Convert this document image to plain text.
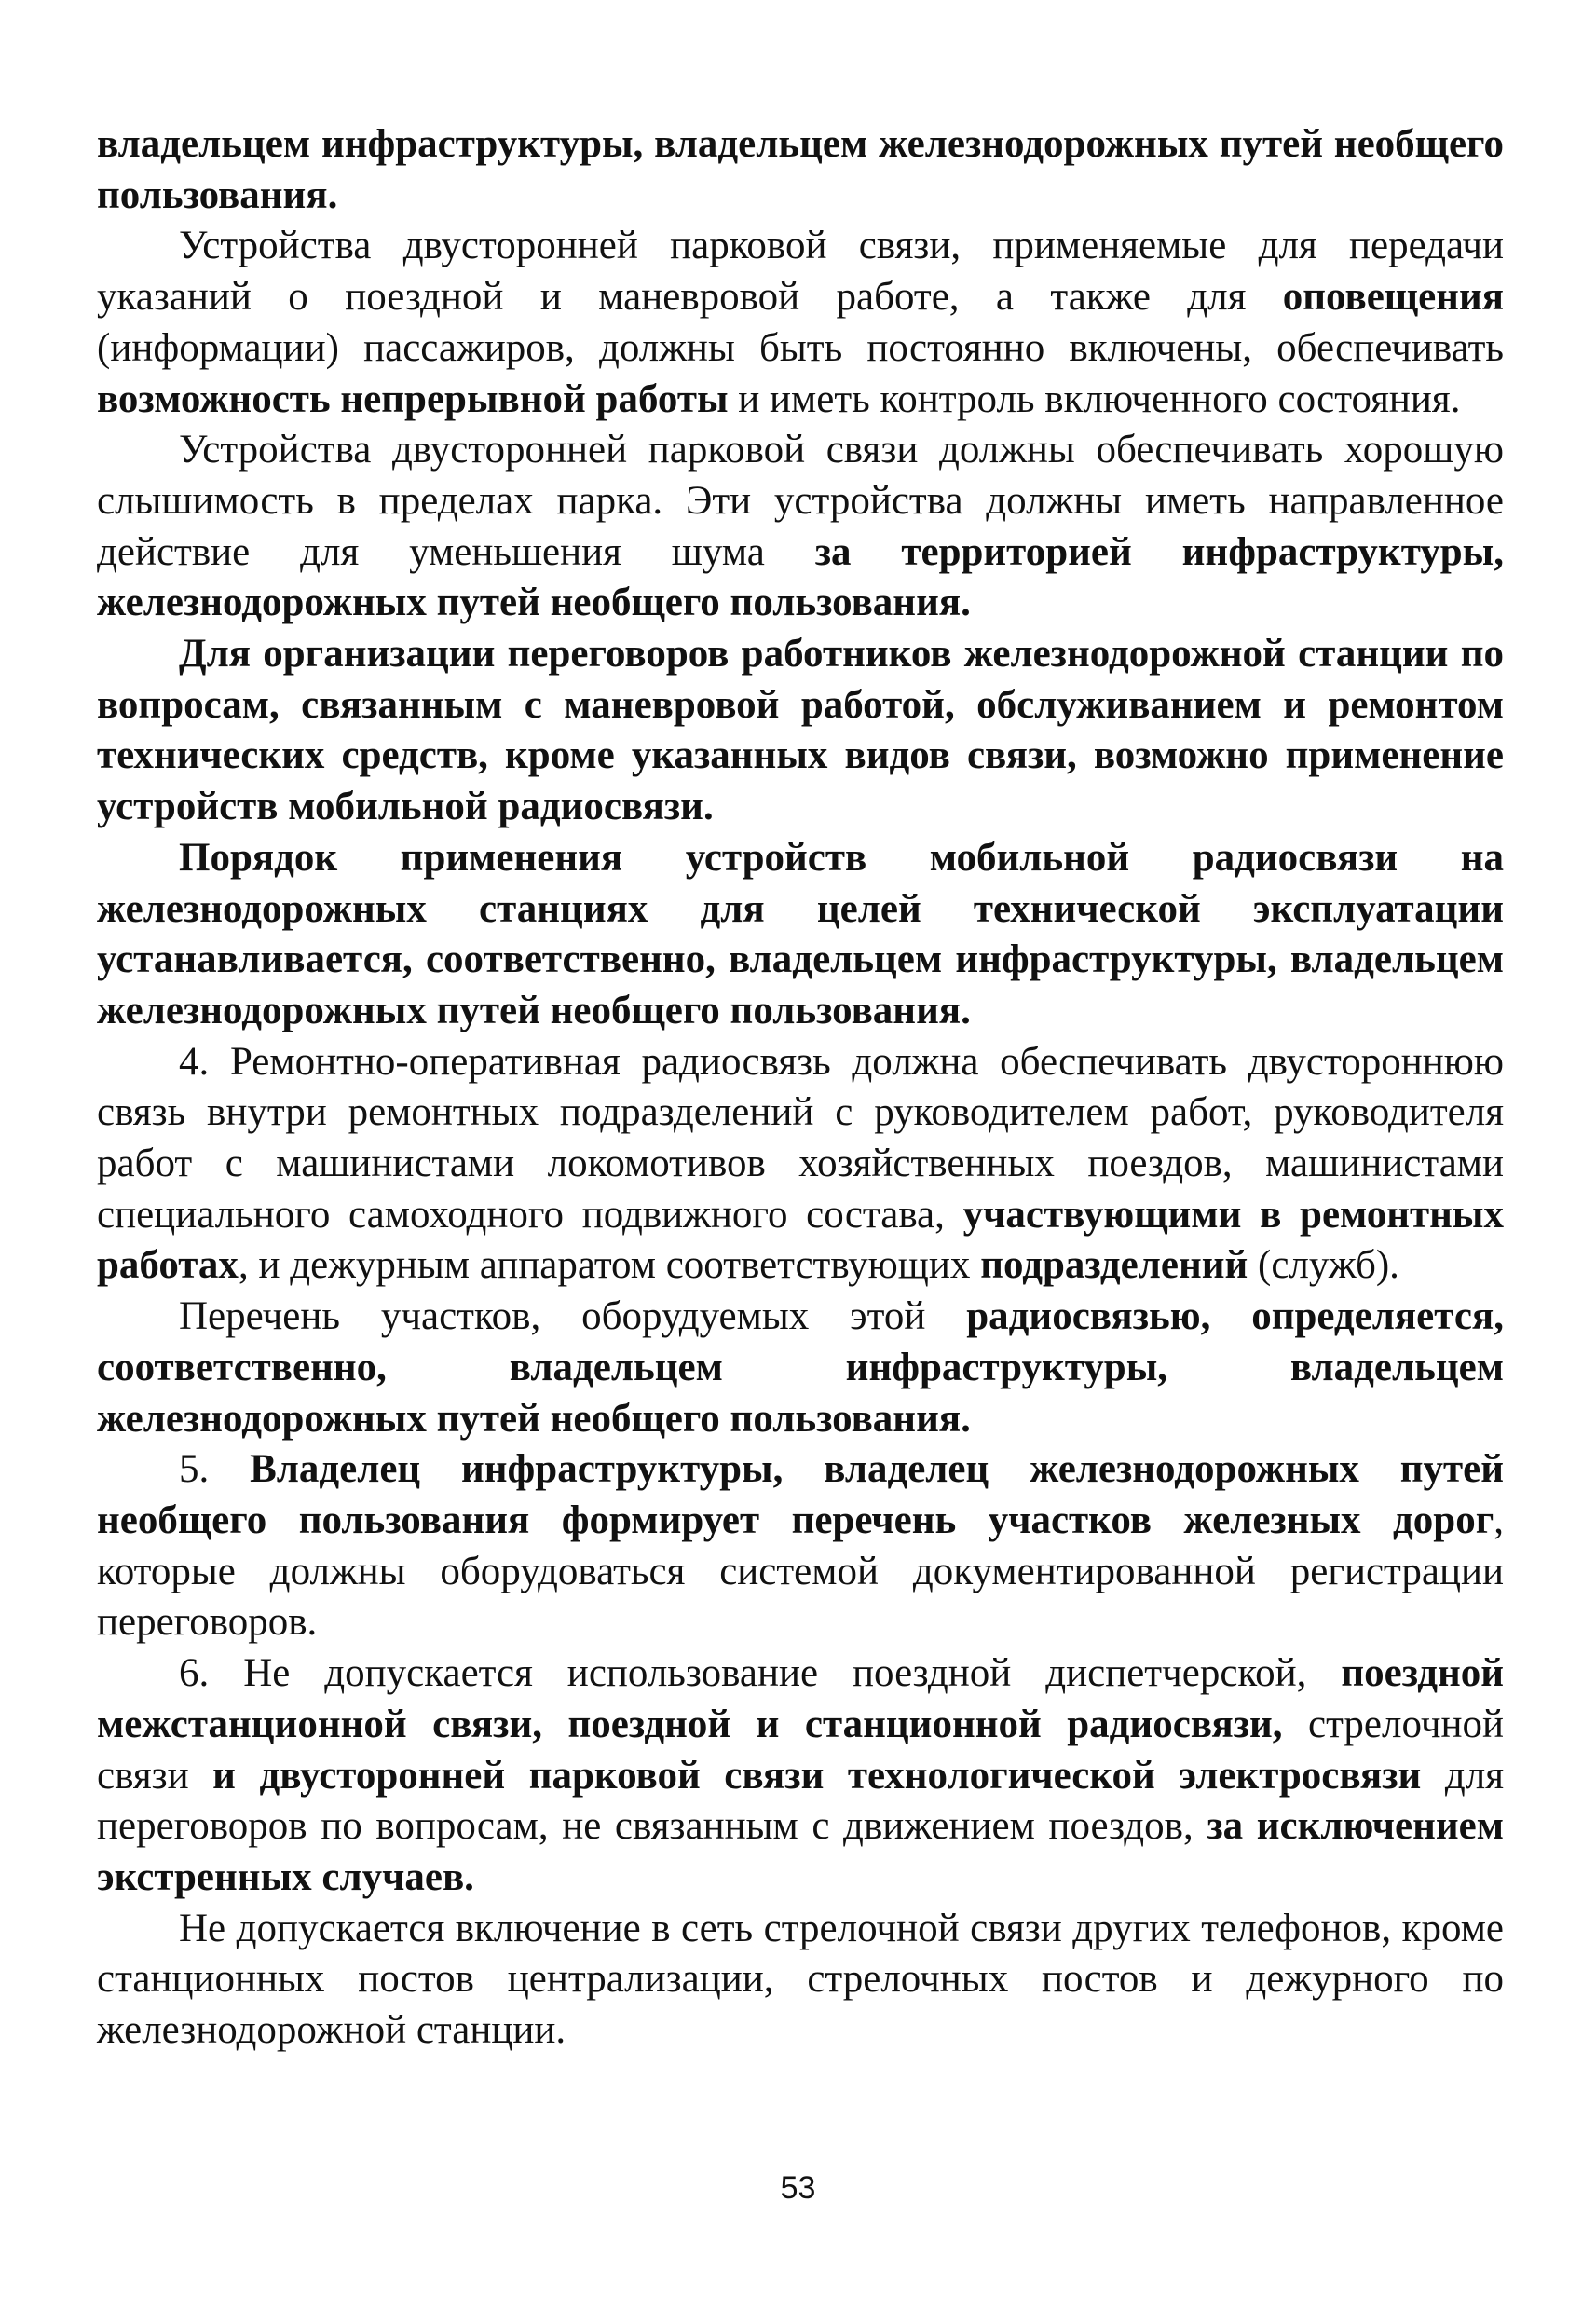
владельцем инфраструктуры, владельцем железнодорожных путей необщего пользования.

Устройства двусторонней парковой связи, применяемые для передачи указаний о поездной и маневровой работе, а также для оповещения (информации) пассажиров, должны быть постоянно включены, обеспечивать возможность непрерывной работы и иметь контроль включенного состояния.

Устройства двусторонней парковой связи должны обеспечивать хорошую слышимость в пределах парка. Эти устройства должны иметь направленное действие для уменьшения шума за территорией инфраструктуры, железнодорожных путей необщего пользования.

Для организации переговоров работников железнодорожной станции по вопросам, связанным с маневровой работой, обслуживанием и ремонтом технических средств, кроме указанных видов связи, возможно применение устройств мобильной радиосвязи.

Порядок применения устройств мобильной радиосвязи на железнодорожных станциях для целей технической эксплуатации устанавливается, соответственно, владельцем инфраструктуры, владельцем железнодорожных путей необщего пользования.

4. Ремонтно-оперативная радиосвязь должна обеспечивать двустороннюю связь внутри ремонтных подразделений с руководителем работ, руководителя работ с машинистами локомотивов хозяйственных поездов, машинистами специального самоходного подвижного состава, участвующими в ремонтных работах, и дежурным аппаратом соответствующих подразделений (служб).

Перечень участков, оборудуемых этой радиосвязью, определяется, соответственно, владельцем инфраструктуры, владельцем железнодорожных путей необщего пользования.

5. Владелец инфраструктуры, владелец железнодорожных путей необщего пользования формирует перечень участков железных дорог, которые должны оборудоваться системой документированной регистрации переговоров.

6. Не допускается использование поездной диспетчерской, поездной межстанционной связи, поездной и станционной радиосвязи, стрелочной связи и двусторонней парковой связи технологической электросвязи для переговоров по вопросам, не связанным с движением поездов, за исключением экстренных случаев.

Не допускается включение в сеть стрелочной связи других телефонов, кроме станционных постов централизации, стрелочных постов и дежурного по железнодорожной станции.

53
